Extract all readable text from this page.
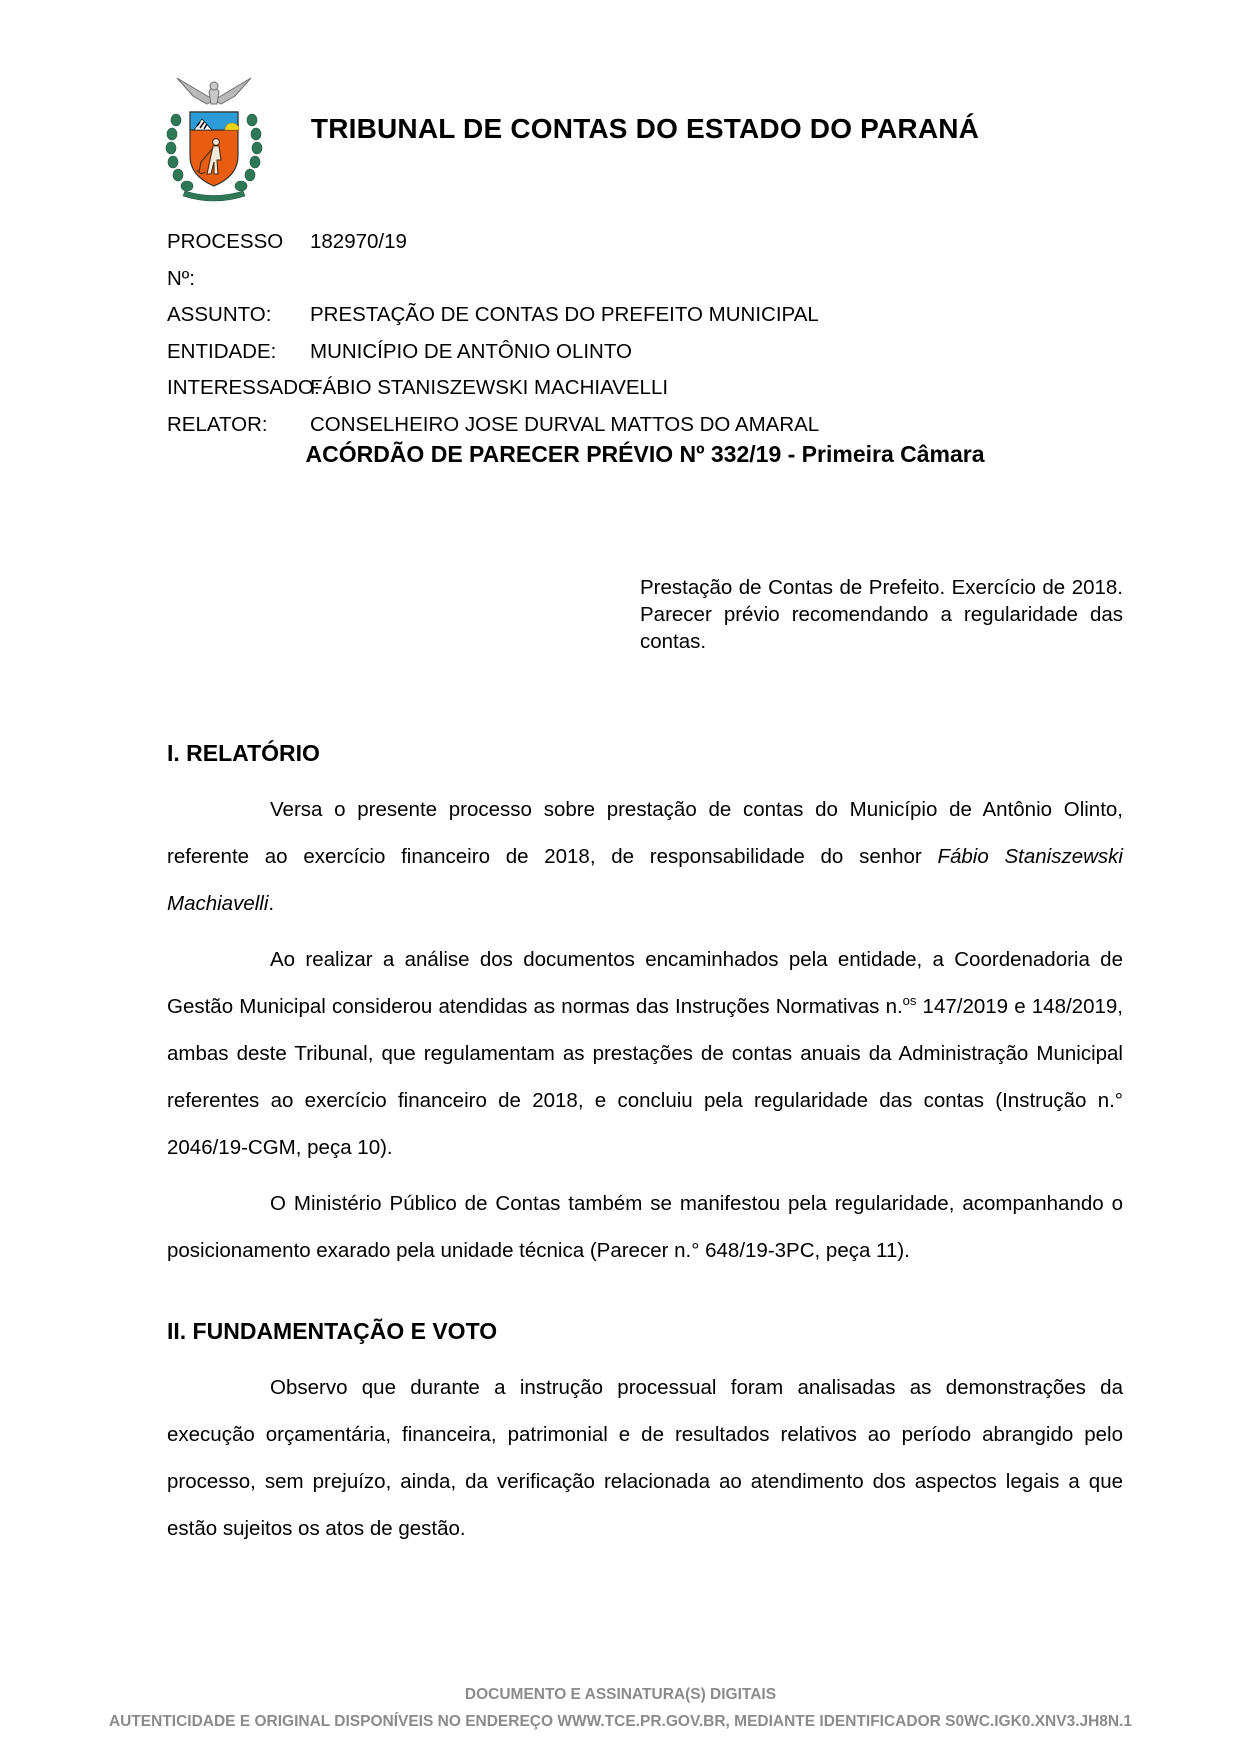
TRIBUNAL DE CONTAS DO ESTADO DO PARANÁ
PROCESSO Nº:
182970/19
ASSUNTO:	PRESTAÇÃO DE CONTAS DO PREFEITO MUNICIPAL
ENTIDADE:	MUNICÍPIO DE ANTÔNIO OLINTO
INTERESSADO:
FÁBIO STANISZEWSKI MACHIAVELLI
RELATOR:	CONSELHEIRO JOSE DURVAL MATTOS DO AMARAL
ACÓRDÃO DE PARECER PRÉVIO Nº 332/19 - Primeira Câmara
Prestação de Contas de Prefeito. Exercício de 2018. Parecer prévio recomendando a regularidade das contas.
I. RELATÓRIO

Versa o presente processo sobre prestação de contas do Município de Antônio Olinto, referente ao exercício financeiro de 2018, de responsabilidade do senhor Fábio Staniszewski Machiavelli.

Ao realizar a análise dos documentos encaminhados pela entidade, a Coordenadoria de Gestão Municipal considerou atendidas as normas das Instruções Normativas n.$^{os}$ 147/2019 e 148/2019, ambas deste Tribunal, que regulamentam as prestações de contas anuais da Administração Municipal referentes ao exercício financeiro de 2018, e concluiu pela regularidade das contas (Instrução n.° 2046/19-CGM, peça 10).

O Ministério Público de Contas também se manifestou pela regularidade, acompanhando o posicionamento exarado pela unidade técnica (Parecer n.° 648/19-3PC, peça 11).

II. FUNDAMENTAÇÃO E VOTO

Observo que durante a instrução processual foram analisadas as demonstrações da execução orçamentária, financeira, patrimonial e de resultados relativos ao período abrangido pelo processo, sem prejuízo, ainda, da verificação relacionada ao atendimento dos aspectos legais a que estão sujeitos os atos de gestão.

DOCUMENTO E ASSINATURA(S) DIGITAIS
AUTENTICIDADE E ORIGINAL DISPONÍVEIS NO ENDEREÇO WWW.TCE.PR.GOV.BR, MEDIANTE IDENTIFICADOR S0WC.IGK0.XNV3.JH8N.1
